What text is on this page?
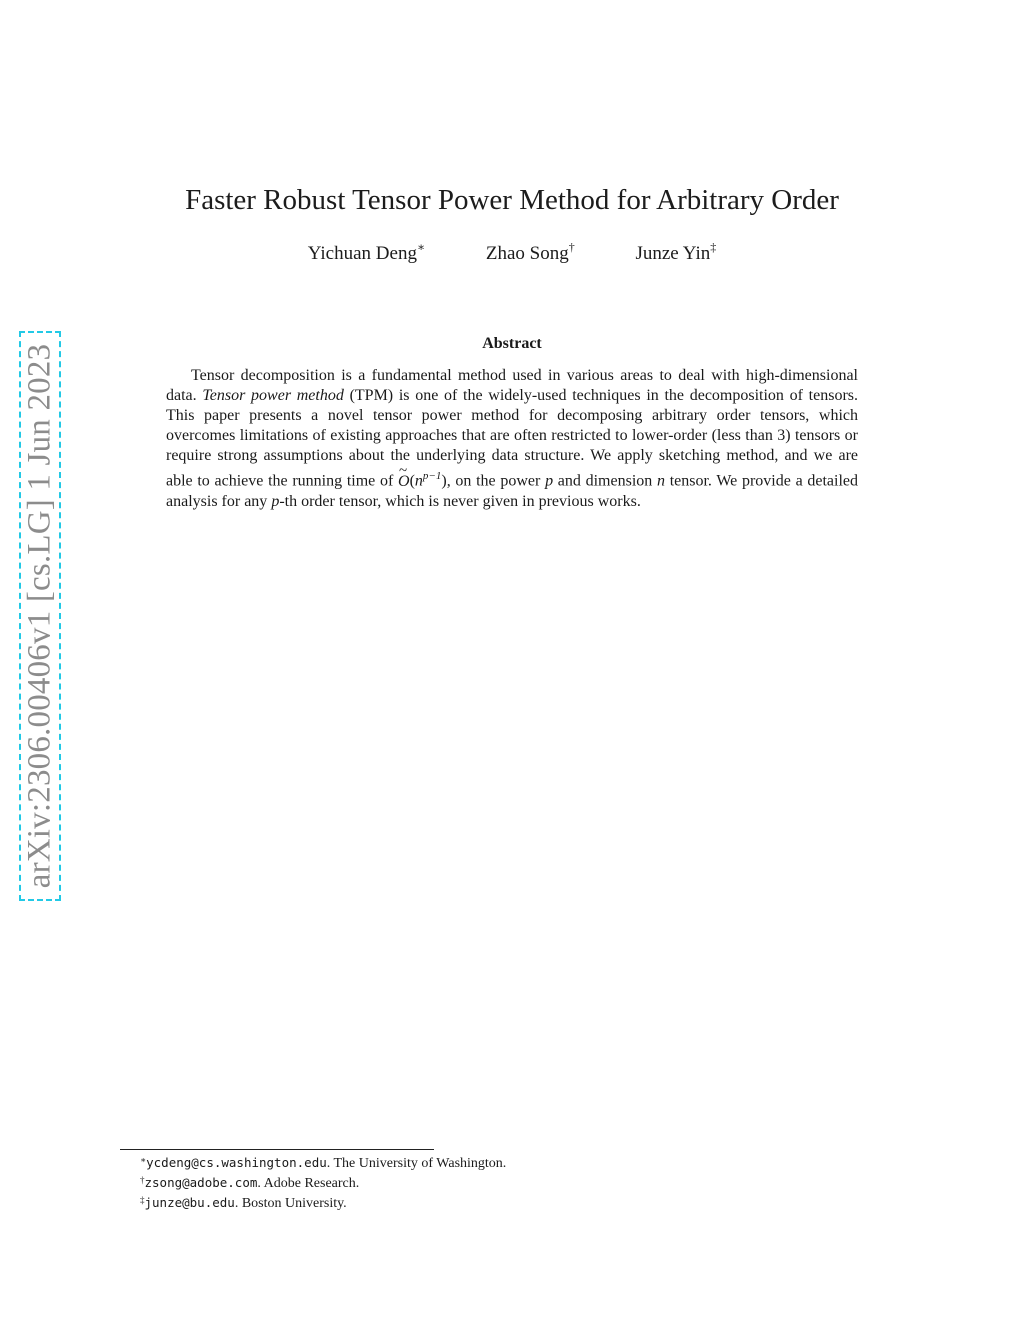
arXiv:2306.00406v1 [cs.LG] 1 Jun 2023
Faster Robust Tensor Power Method for Arbitrary Order
Yichuan Deng∗	Zhao Song†	Junze Yin‡
Abstract

Tensor decomposition is a fundamental method used in various areas to deal with high-dimensional data. Tensor power method (TPM) is one of the widely-used techniques in the decomposition of tensors. This paper presents a novel tensor power method for decomposing arbitrary order tensors, which overcomes limitations of existing approaches that are often restricted to lower-order (less than 3) tensors or require strong assumptions about the underlying data structure. We apply sketching method, and we are able to achieve the running time of ~ $O(n^{p-1})$, on the power p and dimension n tensor. We provide a detailed analysis for any p-th order tensor, which is never given in previous works.

∗ycdeng@cs.washington.edu. The University of Washington.
†zsong@adobe.com. Adobe Research.
‡junze@bu.edu. Boston University.
